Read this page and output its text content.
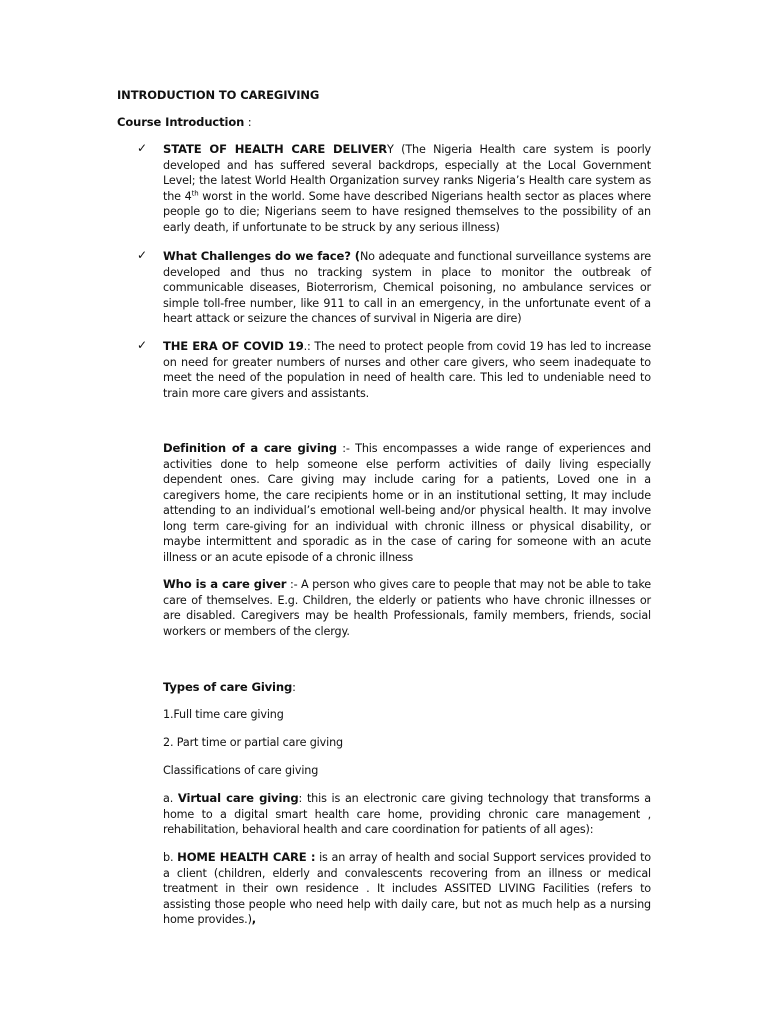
INTRODUCTION TO CAREGIVING
Course Introduction :
✓ STATE OF HEALTH CARE DELIVERY (The Nigeria Health care system is poorly developed and has suffered several backdrops, especially at the Local Government Level; the latest World Health Organization survey ranks Nigeria’s Health care system as the 4th worst in the world. Some have described Nigerians health sector as places where people go to die; Nigerians seem to have resigned themselves to the possibility of an early death, if unfortunate to be struck by any serious illness)
✓ What Challenges do we face? (No adequate and functional surveillance systems are developed and thus no tracking system in place to monitor the outbreak of communicable diseases, Bioterrorism, Chemical poisoning, no ambulance services or simple toll-free number, like 911 to call in an emergency, in the unfortunate event of a heart attack or seizure the chances of survival in Nigeria are dire)
✓ THE ERA OF COVID 19.: The need to protect people from covid 19 has led to increase on need for greater numbers of nurses and other care givers, who seem inadequate to meet the need of the population in need of health care. This led to undeniable need to train more care givers and assistants.
Definition of a care giving :- This encompasses a wide range of experiences and activities done to help someone else perform activities of daily living especially dependent ones. Care giving may include caring for a patients, Loved one in a caregivers home, the care recipients home or in an institutional setting, It may include attending to an individual’s emotional well-being and/or physical health. It may involve long term care-giving for an individual with chronic illness or physical disability, or maybe intermittent and sporadic as in the case of caring for someone with an acute illness or an acute episode of a chronic illness
Who is a care giver :- A person who gives care to people that may not be able to take care of themselves. E.g. Children, the elderly or patients who have chronic illnesses or are disabled. Caregivers may be health Professionals, family members, friends, social workers or members of the clergy.
Types of care Giving:
1.Full time care giving
2. Part time or partial care giving
Classifications of care giving
a. Virtual care giving: this is an electronic care giving technology that transforms a home to a digital smart health care home, providing chronic care management , rehabilitation, behavioral health and care coordination for patients of all ages):
b. HOME HEALTH CARE : is an array of health and social Support services provided to a client (children, elderly and convalescents recovering from an illness or medical treatment in their own residence . It includes ASSITED LIVING Facilities (refers to assisting those people who need help with daily care, but not as much help as a nursing home provides.),
